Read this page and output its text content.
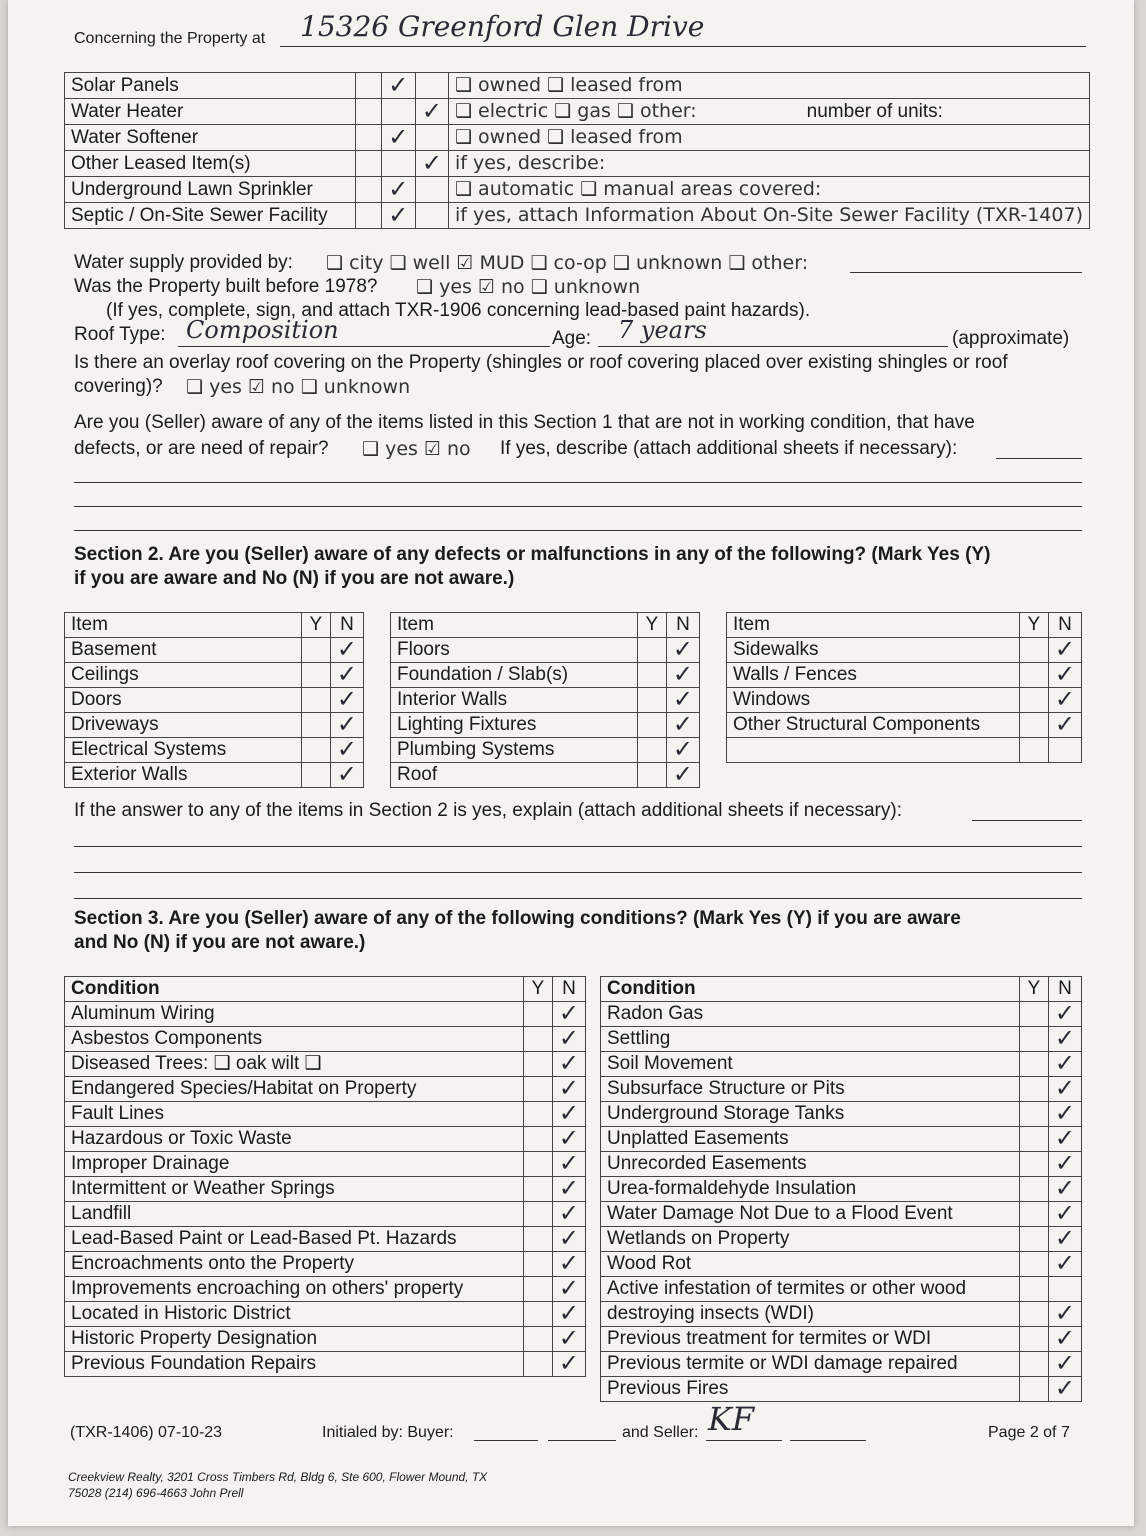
Concerning the Property at 15326 Greenford Glen Drive
Solar Panels		✓		❑ owned ❑ leased from
Water Heater			✓	❑ electric ❑ gas ❑ other: number of units:
Water Softener		✓		❑ owned ❑ leased from
Other Leased Item(s)			✓	if yes, describe:
Underground Lawn Sprinkler		✓		❑ automatic ❑ manual areas covered:
Septic / On-Site Sewer Facility		✓		if yes, attach Information About On-Site Sewer Facility (TXR-1407)
Water supply provided by: ❑ city ❑ well ☑ MUD ❑ co-op ❑ unknown ❑ other:
Was the Property built before 1978? ❑ yes ☑ no ❑ unknown
(If yes, complete, sign, and attach TXR-1906 concerning lead-based paint hazards).
Roof Type: Composition	Age: 7 years	(approximate)
Is there an overlay roof covering on the Property (shingles or roof covering placed over existing shingles or roof
covering)? ❑ yes ☑ no ❑ unknown
Are you (Seller) aware of any of the items listed in this Section 1 that are not in working condition, that have
defects, or are need of repair? ❑ yes ☑ no If yes, describe (attach additional sheets if necessary):
Section 2. Are you (Seller) aware of any defects or malfunctions in any of the following? (Mark Yes (Y)
if you are aware and No (N) if you are not aware.)
Item	Y	N
Basement		✓
Ceilings		✓
Doors		✓
Driveways		✓
Electrical Systems		✓
Exterior Walls		✓
Item	Y	N
Floors		✓
Foundation / Slab(s)		✓
Interior Walls		✓
Lighting Fixtures		✓
Plumbing Systems		✓
Roof		✓
Item	Y	N
Sidewalks		✓
Walls / Fences		✓
Windows		✓
Other Structural Components		✓

If the answer to any of the items in Section 2 is yes, explain (attach additional sheets if necessary):
Section 3. Are you (Seller) aware of any of the following conditions? (Mark Yes (Y) if you are aware
and No (N) if you are not aware.)
Condition	Y	N
Aluminum Wiring		✓
Asbestos Components		✓
Diseased Trees: ❑ oak wilt ❑		✓
Endangered Species/Habitat on Property		✓
Fault Lines		✓
Hazardous or Toxic Waste		✓
Improper Drainage		✓
Intermittent or Weather Springs		✓
Landfill		✓
Lead-Based Paint or Lead-Based Pt. Hazards		✓
Encroachments onto the Property		✓
Improvements encroaching on others' property		✓
Located in Historic District		✓
Historic Property Designation		✓
Previous Foundation Repairs		✓
Condition	Y	N
Radon Gas		✓
Settling		✓
Soil Movement		✓
Subsurface Structure or Pits		✓
Underground Storage Tanks		✓
Unplatted Easements		✓
Unrecorded Easements		✓
Urea-formaldehyde Insulation		✓
Water Damage Not Due to a Flood Event		✓
Wetlands on Property		✓
Wood Rot		✓
Active infestation of termites or other wood		
destroying insects (WDI)		✓
Previous treatment for termites or WDI		✓
Previous termite or WDI damage repaired		✓
Previous Fires		✓
(TXR-1406) 07-10-23	Initialed by: Buyer:	and Seller: KF	Page 2 of 7
Creekview Realty, 3201 Cross Timbers Rd, Bldg 6, Ste 600, Flower Mound, TX
75028 (214) 696-4663 John Prell
